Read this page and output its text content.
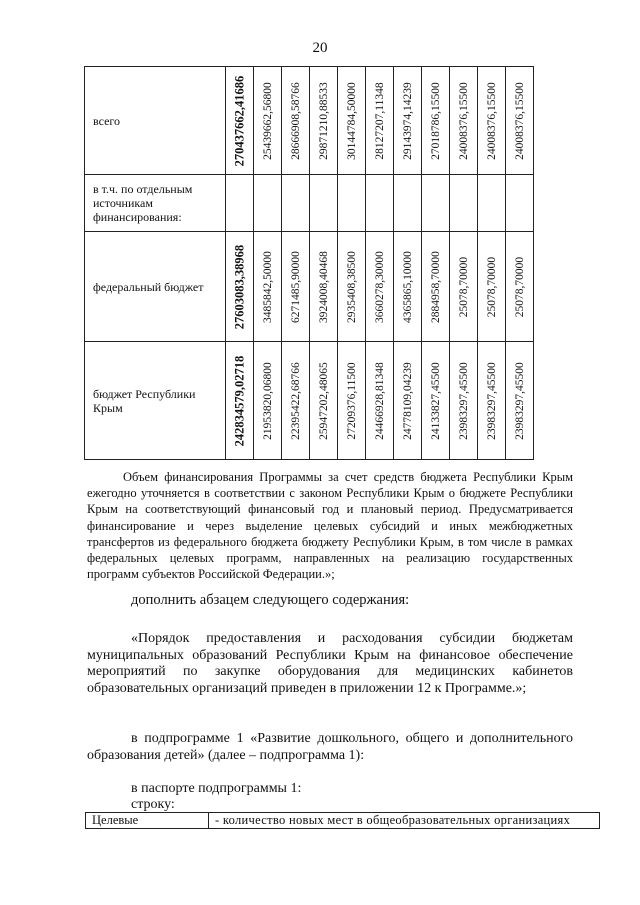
20
всего	270437662,41686	25439662,56800	28666908,58766	29871210,88533	30144784,50000	28127207,11348	29143974,14239	27018786,15500	24008376,15500	24008376,15500	24008376,15500

в т.ч. по отдельным источникам финансирования:											
федеральный бюджет	27603083,38968	3485842,50000	6271485,90000	3924008,40468	2935408,38500	3660278,30000	4365865,10000	2884958,70000	25078,70000	25078,70000	25078,70000

бюджет Республики Крым	242834579,02718	21953820,06800	22395422,68766	25947202,48065	27209376,11500	24466928,81348	24778109,04239	24133827,45500	23983297,45500	23983297,45500	23983297,45500
Объем финансирования Программы за счет средств бюджета Республики Крым ежегодно уточняется в соответствии с законом Республики Крым о бюджете Республики Крым на соответствующий финансовый год и плановый период. Предусматривается финансирование и через выделение целевых субсидий и иных межбюджетных трансфертов из федерального бюджета бюджету Республики Крым, в том числе в рамках федеральных целевых программ, направленных на реализацию государственных программ субъектов Российской Федерации.»;
дополнить абзацем следующего содержания:
«Порядок предоставления и расходования субсидии бюджетам муниципальных образований Республики Крым на финансовое обеспечение мероприятий по закупке оборудования для медицинских кабинетов образовательных организаций приведен в приложении 12 к Программе.»;
в подпрограмме 1 «Развитие дошкольного, общего и дополнительного образования детей» (далее – подпрограмма 1):
в паспорте подпрограммы 1:
строку:
Целевые	- количество новых мест в общеобразовательных организациях
